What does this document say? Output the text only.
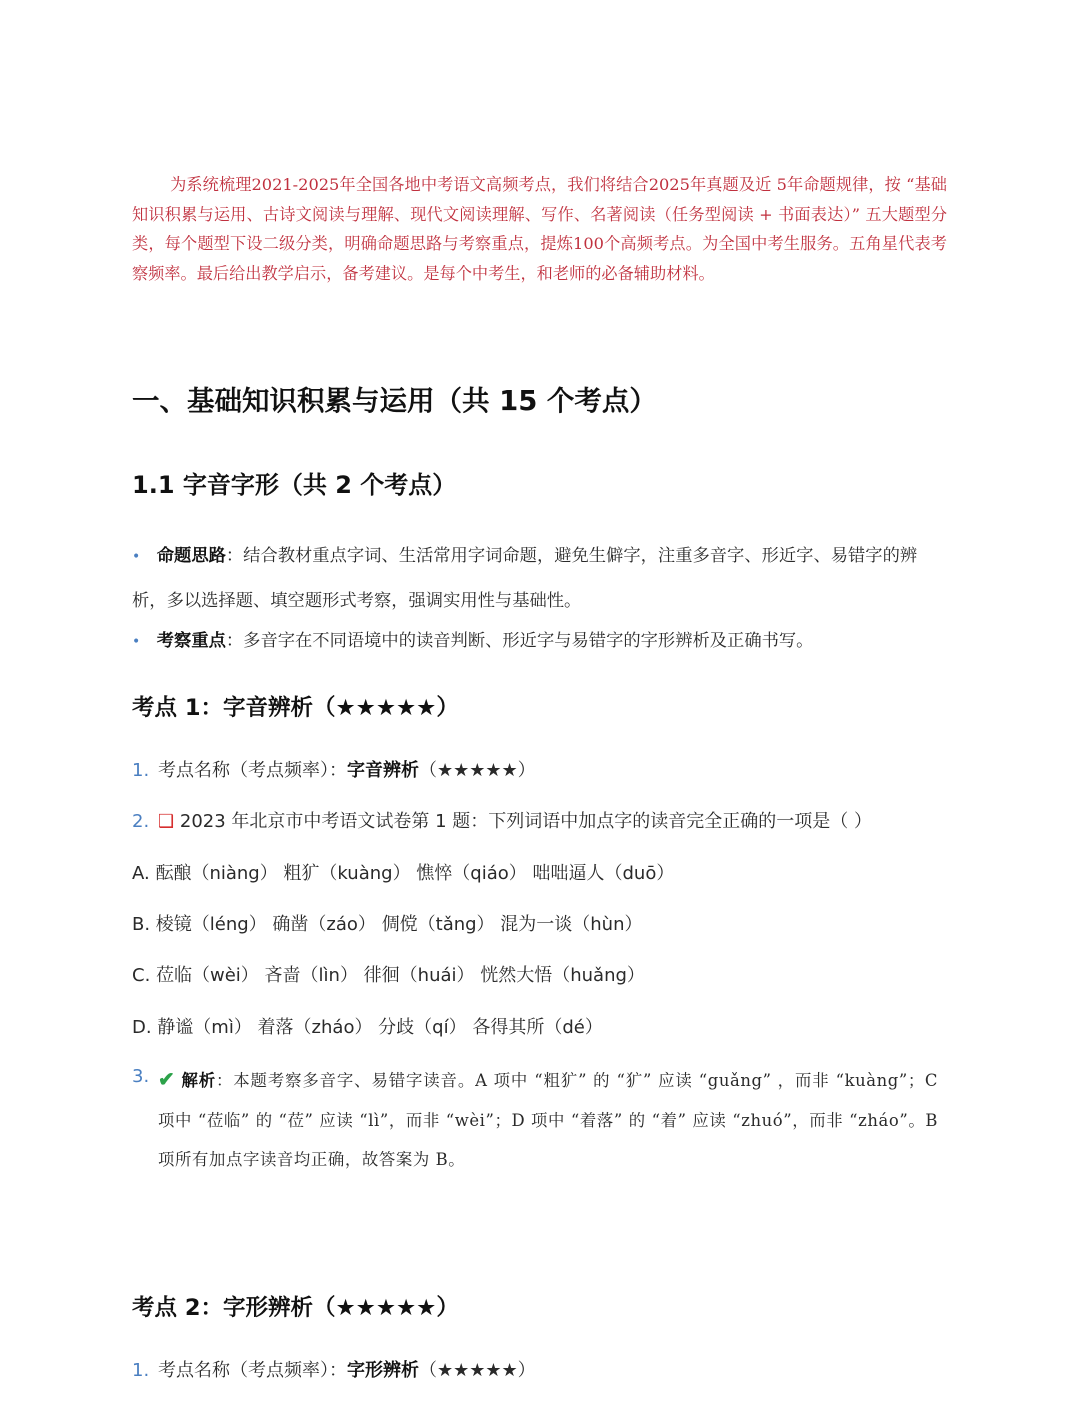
为系统梳理2021-2025年全国各地中考语文高频考点，我们将结合2025年真题及近 5年命题规律，按 “基础知识积累与运用、古诗文阅读与理解、现代文阅读理解、写作、名著阅读（任务型阅读 + 书面表达）” 五大题型分类，每个题型下设二级分类，明确命题思路与考察重点，提炼100个高频考点。为全国中考生服务。五角星代表考察频率。最后给出教学启示，备考建议。是每个中考生，和老师的必备辅助材料。
一、基础知识积累与运用（共 15 个考点）
1.1 字音字形（共 2 个考点）
• 命题思路：结合教材重点字词、生活常用字词命题，避免生僻字，注重多音字、形近字、易错字的辨析，多以选择题、填空题形式考察，强调实用性与基础性。
• 考察重点：多音字在不同语境中的读音判断、形近字与易错字的字形辨析及正确书写。
考点 1：字音辨析（★★★★★）
1. 考点名称（考点频率）：字音辨析（★★★★★）
2. ❑ 2023 年北京市中考语文试卷第 1 题：下列词语中加点字的读音完全正确的一项是（ ）
A. 酝酿（niàng） 粗犷（kuàng） 憔悴（qiáo） 咄咄逼人（duō）
B. 棱镜（léng） 确凿（záo） 倜傥（tǎng） 混为一谈（hùn）
C. 莅临（wèi） 吝啬（lìn） 徘徊（huái） 恍然大悟（huǎng）
D. 静谧（mì） 着落（zháo） 分歧（qí） 各得其所（dé）
3. ✔ 解析：本题考察多音字、易错字读音。A 项中 “粗犷” 的 “犷” 应读 “guǎng” ，而非 “kuàng”；C 项中 “莅临” 的 “莅” 应读 “lì”，而非 “wèi”；D 项中 “着落” 的 “着” 应读 “zhuó”，而非 “zháo”。B 项所有加点字读音均正确，故答案为 B。
考点 2：字形辨析（★★★★★）
1. 考点名称（考点频率）：字形辨析（★★★★★）
